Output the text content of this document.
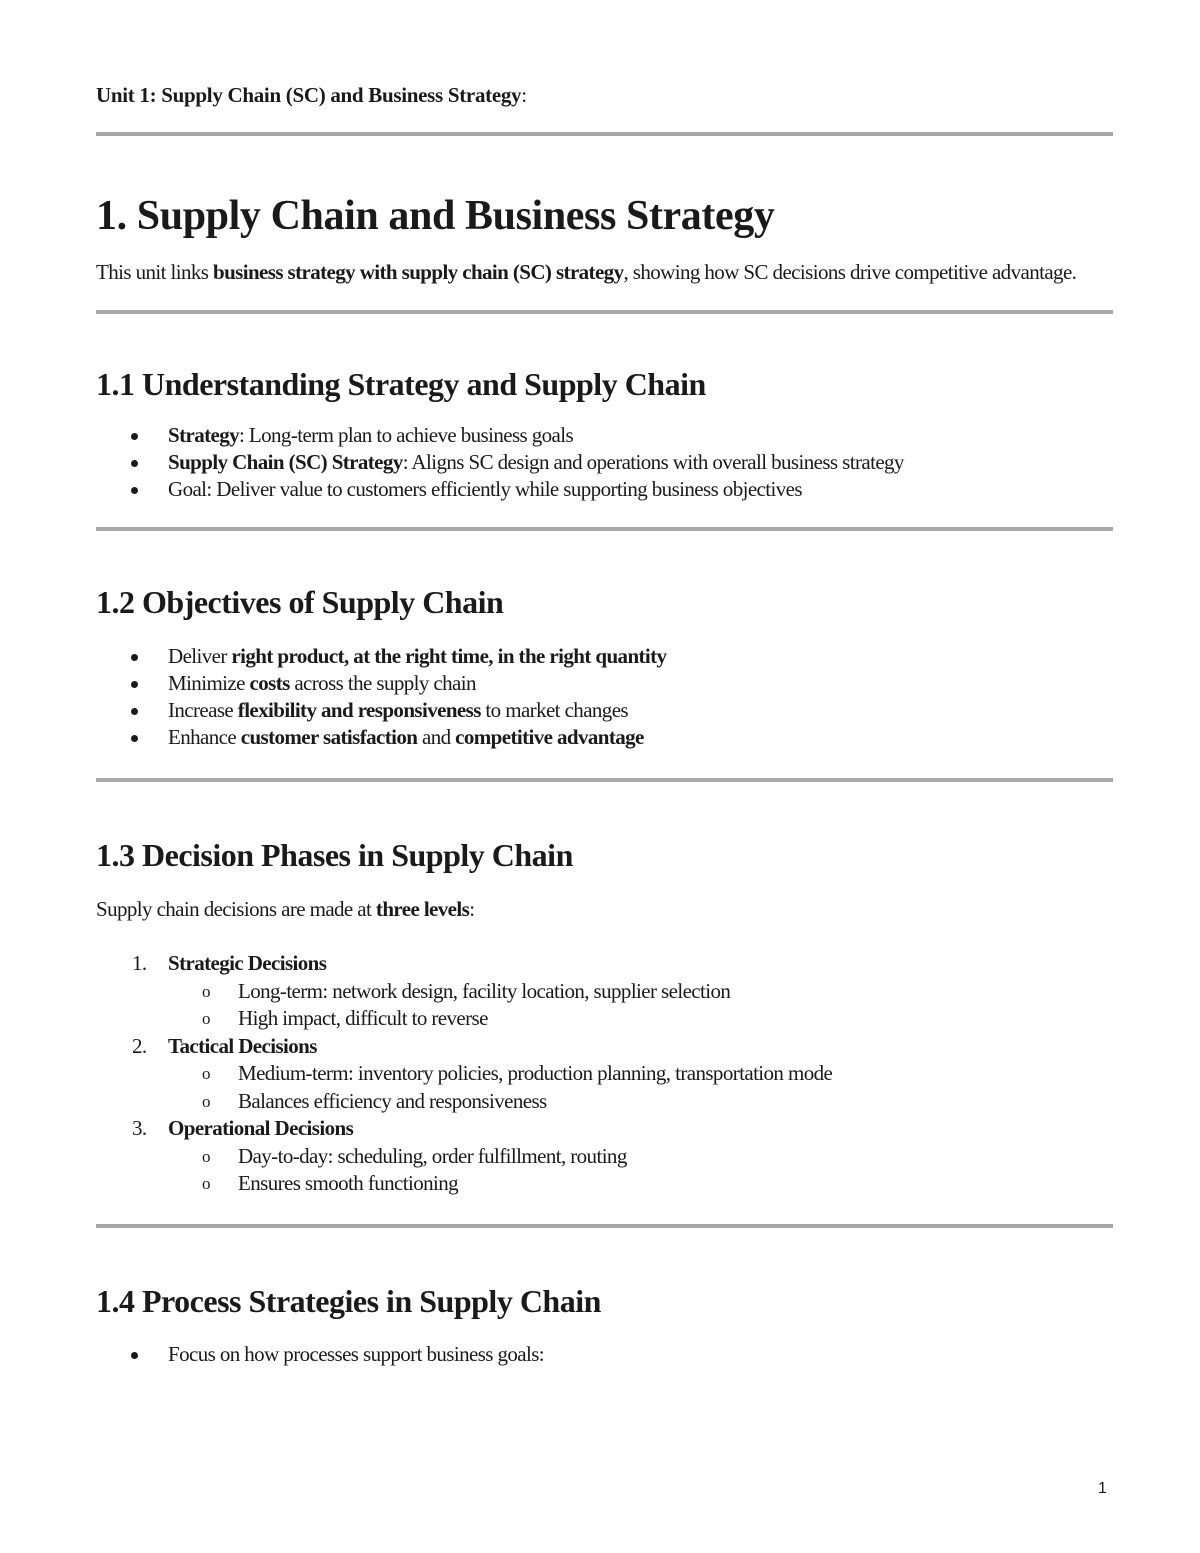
Unit 1: Supply Chain (SC) and Business Strategy:
1. Supply Chain and Business Strategy

This unit links business strategy with supply chain (SC) strategy, showing how SC decisions drive competitive advantage.

1.1 Understanding Strategy and Supply Chain
Strategy: Long-term plan to achieve business goals
Supply Chain (SC) Strategy: Aligns SC design and operations with overall business strategy
Goal: Deliver value to customers efficiently while supporting business objectives
1.2 Objectives of Supply Chain
Deliver right product, at the right time, in the right quantity
Minimize costs across the supply chain
Increase flexibility and responsiveness to market changes
Enhance customer satisfaction and competitive advantage
1.3 Decision Phases in Supply Chain

Supply chain decisions are made at three levels:

1. Strategic Decisions
o Long-term: network design, facility location, supplier selection
o High impact, difficult to reverse
2. Tactical Decisions
o Medium-term: inventory policies, production planning, transportation mode
o Balances efficiency and responsiveness
3. Operational Decisions
o Day-to-day: scheduling, order fulfillment, routing
o Ensures smooth functioning
1.4 Process Strategies in Supply Chain
Focus on how processes support business goals:
1
